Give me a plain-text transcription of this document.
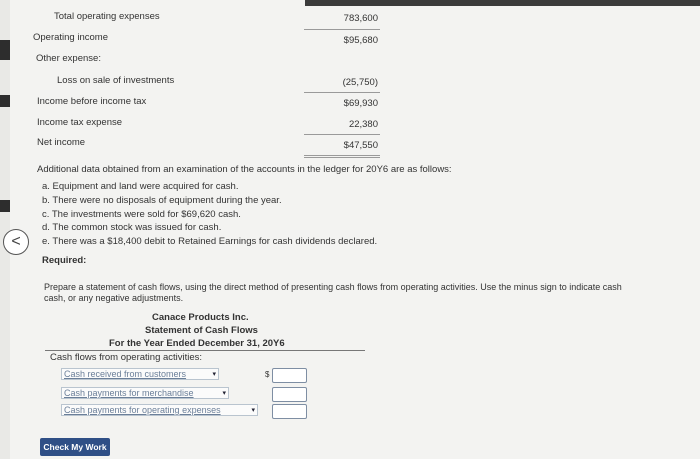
Total operating expenses	783,600
Operating income	$95,680
Other expense:
Loss on sale of investments	(25,750)
Income before income tax	$69,930
Income tax expense	22,380
Net income	$47,550
Additional data obtained from an examination of the accounts in the ledger for 20Y6 are as follows:
a. Equipment and land were acquired for cash.
b. There were no disposals of equipment during the year.
c. The investments were sold for $69,620 cash.
d. The common stock was issued for cash.
e. There was a $18,400 debit to Retained Earnings for cash dividends declared.
<
Required:
Prepare a statement of cash flows, using the direct method of presenting cash flows from operating activities. Use the minus sign to indicate cash
cash, or any negative adjustments.
Canace Products Inc.
Statement of Cash Flows
For the Year Ended December 31, 20Y6
Cash flows from operating activities:
Cash received from customers	▾	$
Cash payments for merchandise	▾
Cash payments for operating expenses	▾
Check My Work
